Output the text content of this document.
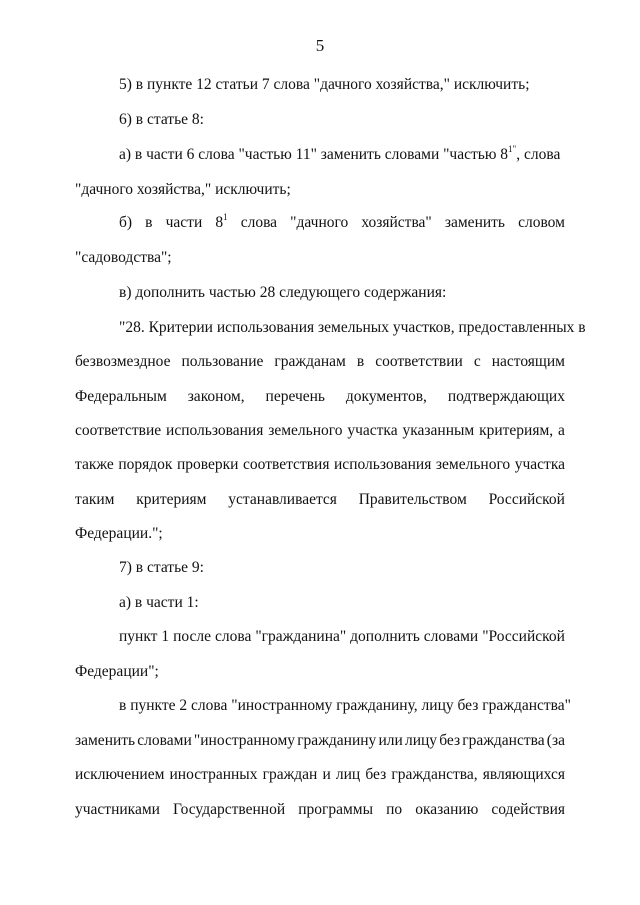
5
5) в пункте 12 статьи 7 слова "дачного хозяйства," исключить;
6) в статье 8:
а) в части 6 слова "частью 11" заменить словами "частью $8^{1"}$, слова
"дачного хозяйства," исключить;
б) в части $8^1$ слова "дачного хозяйства" заменить словом
"садоводства";
в) дополнить частью 28 следующего содержания:
"28. Критерии использования земельных участков, предоставленных в
безвозмездное пользование гражданам в соответствии с настоящим
Федеральным законом, перечень документов, подтверждающих
соответствие использования земельного участка указанным критериям, а
также порядок проверки соответствия использования земельного участка
таким критериям устанавливается Правительством Российской
Федерации.";
7) в статье 9:
а) в части 1:
пункт 1 после слова "гражданина" дополнить словами "Российской
Федерации";
в пункте 2 слова "иностранному гражданину, лицу без гражданства"
заменить словами "иностранному гражданину или лицу без гражданства (за
исключением иностранных граждан и лиц без гражданства, являющихся
участниками Государственной программы по оказанию содействия
